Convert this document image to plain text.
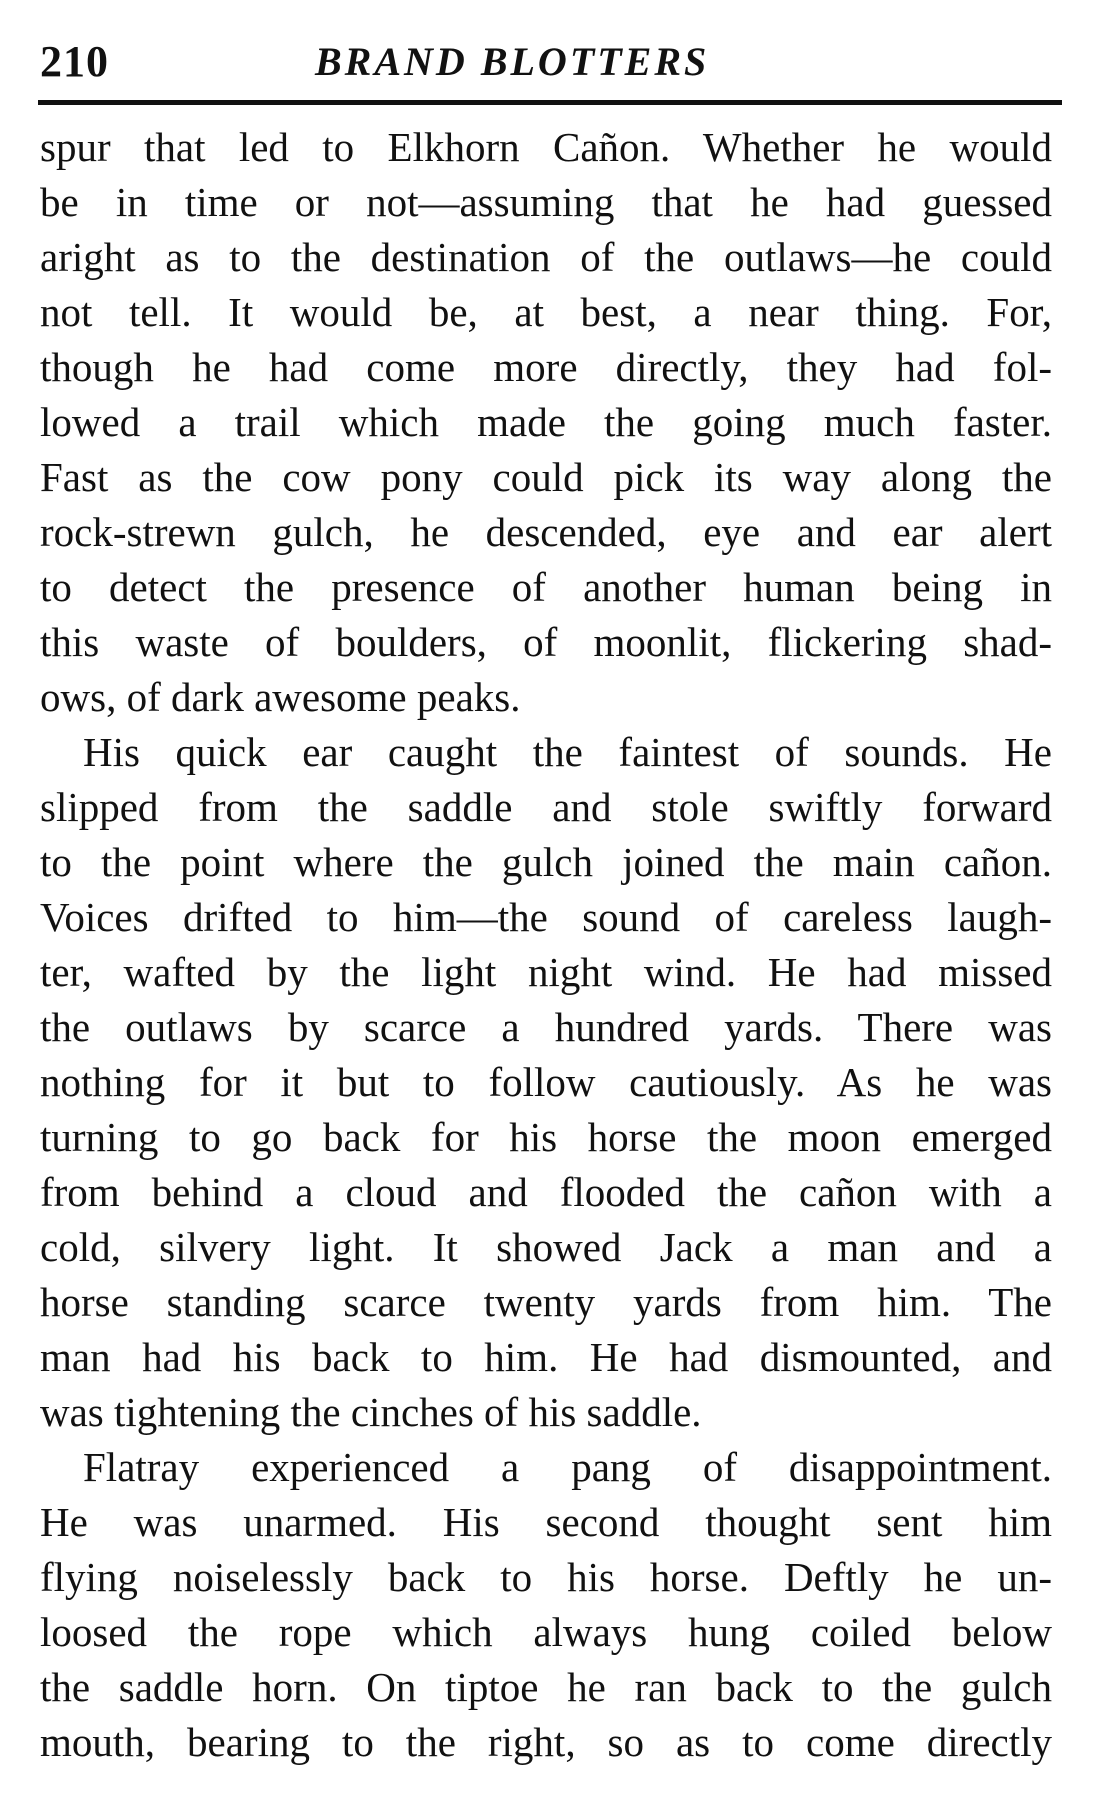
210	BRAND BLOTTERS
spur that led to Elkhorn Cañon. Whether he would
be in time or not—assuming that he had guessed
aright as to the destination of the outlaws—he could
not tell. It would be, at best, a near thing. For,
though he had come more directly, they had fol-
lowed a trail which made the going much faster.
Fast as the cow pony could pick its way along the
rock-strewn gulch, he descended, eye and ear alert
to detect the presence of another human being in
this waste of boulders, of moonlit, flickering shad-
ows, of dark awesome peaks.
His quick ear caught the faintest of sounds. He
slipped from the saddle and stole swiftly forward
to the point where the gulch joined the main cañon.
Voices drifted to him—the sound of careless laugh-
ter, wafted by the light night wind. He had missed
the outlaws by scarce a hundred yards. There was
nothing for it but to follow cautiously. As he was
turning to go back for his horse the moon emerged
from behind a cloud and flooded the cañon with a
cold, silvery light. It showed Jack a man and a
horse standing scarce twenty yards from him. The
man had his back to him. He had dismounted, and
was tightening the cinches of his saddle.
Flatray experienced a pang of disappointment.
He was unarmed. His second thought sent him
flying noiselessly back to his horse. Deftly he un-
loosed the rope which always hung coiled below
the saddle horn. On tiptoe he ran back to the gulch
mouth, bearing to the right, so as to come directly
